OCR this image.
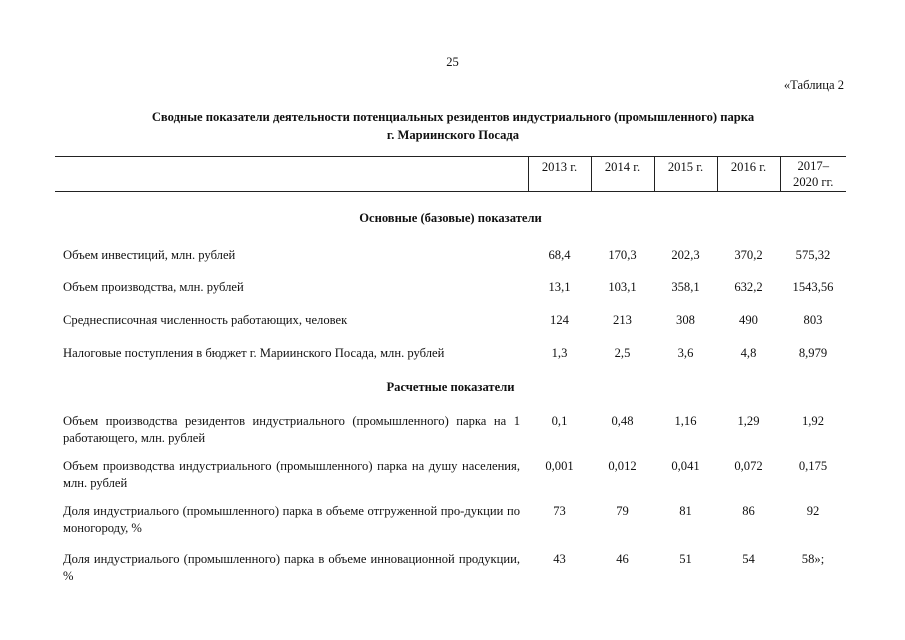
25
«Таблица 2
Сводные показатели деятельности потенциальных резидентов индустриального (промышленного) парка
г. Мариинского Посада
	2013 г.	2014 г.	2015 г.	2016 г.	2017–
2020 гг.
Основные (базовые) показатели					
Объем инвестиций, млн. рублей	68,4	170,3	202,3	370,2	575,32
Объем производства, млн. рублей	13,1	103,1	358,1	632,2	1543,56
Среднесписочная численность работающих, человек	124	213	308	490	803
Налоговые поступления в бюджет г. Мариинского Посада, млн. рублей	1,3	2,5	3,6	4,8	8,979
Расчетные показатели					
Объем производства резидентов индустриального (промышленного) парка на 1 работающего, млн. рублей	0,1	0,48	1,16	1,29	1,92
Объем производства индустриального (промышленного) парка на душу населения, млн. рублей	0,001	0,012	0,041	0,072	0,175
Доля индустриалього (промышленного) парка в объеме отгруженной про-дукции по моногороду, %	73	79	81	86	92
Доля индустриалього (промышленного) парка в объеме инновационной продукции, %	43	46	51	54	58»;
